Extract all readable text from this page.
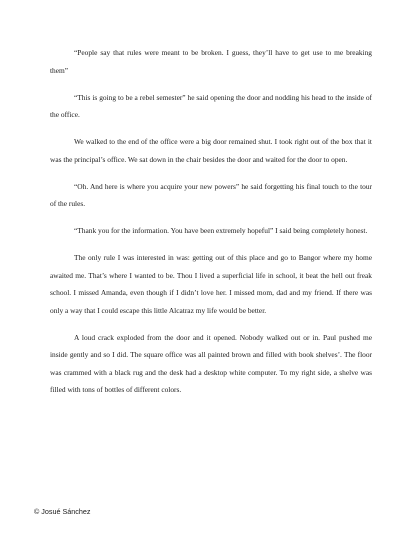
“People say that rules were meant to be broken. I guess, they’ll have to get use to me breaking them”

“This is going to be a rebel semester” he said opening the door and nodding his head to the inside of the office.

We walked to the end of the office were a big door remained shut. I took right out of the box that it was the principal’s office. We sat down in the chair besides the door and waited for the door to open.

“Oh. And here is where you acquire your new powers” he said forgetting his final touch to the tour of the rules.

“Thank you for the information. You have been extremely hopeful” I said being completely honest.

The only rule I was interested in was: getting out of this place and go to Bangor where my home awaited me. That’s where I wanted to be. Thou I lived a superficial life in school, it beat the hell out freak school. I missed Amanda, even though if I didn’t love her. I missed mom, dad and my friend. If there was only a way that I could escape this little Alcatraz my life would be better.

A loud crack exploded from the door and it opened. Nobody walked out or in. Paul pushed me inside gently and so I did. The square office was all painted brown and filled with book shelves’. The floor was crammed with a black rug and the desk had a desktop white computer. To my right side, a shelve was filled with tons of bottles of different colors.

© Josué Sánchez
